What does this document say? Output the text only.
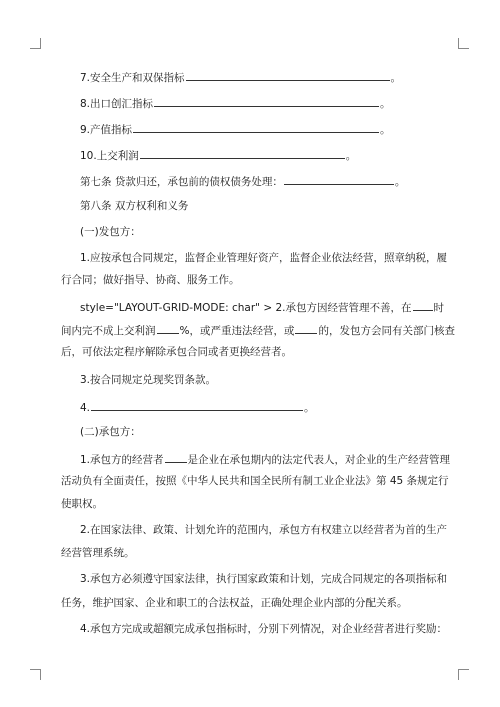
7.安全生产和双保指标	。
8.出口创汇指标	。
9.产值指标	。
10.上交利润	。
第七条 贷款归还，承包前的债权债务处理：	。
第八条 双方权利和义务
(一)发包方：
1.应按承包合同规定，监督企业管理好资产，监督企业依法经营，照章纳税，履
行合同；做好指导、协商、服务工作。
style="LAYOUT-GRID-MODE: char" > 2.承包方因经营管理不善，在 时
间内完不成上交利润 %，或严重违法经营，或 的，发包方会同有关部门核查
后，可依法定程序解除承包合同或者更换经营者。
3.按合同规定兑现奖罚条款。
4.	。
(二)承包方：
1.承包方的经营者 是企业在承包期内的法定代表人，对企业的生产经营管理
活动负有全面责任，按照《中华人民共和国全民所有制工业企业法》第 45 条规定行
使职权。
2.在国家法律、政策、计划允许的范围内，承包方有权建立以经营者为首的生产
经营管理系统。
3.承包方必须遵守国家法律，执行国家政策和计划，完成合同规定的各项指标和
任务，维护国家、企业和职工的合法权益，正确处理企业内部的分配关系。
4.承包方完成或超额完成承包指标时，分别下列情况，对企业经营者进行奖励：
